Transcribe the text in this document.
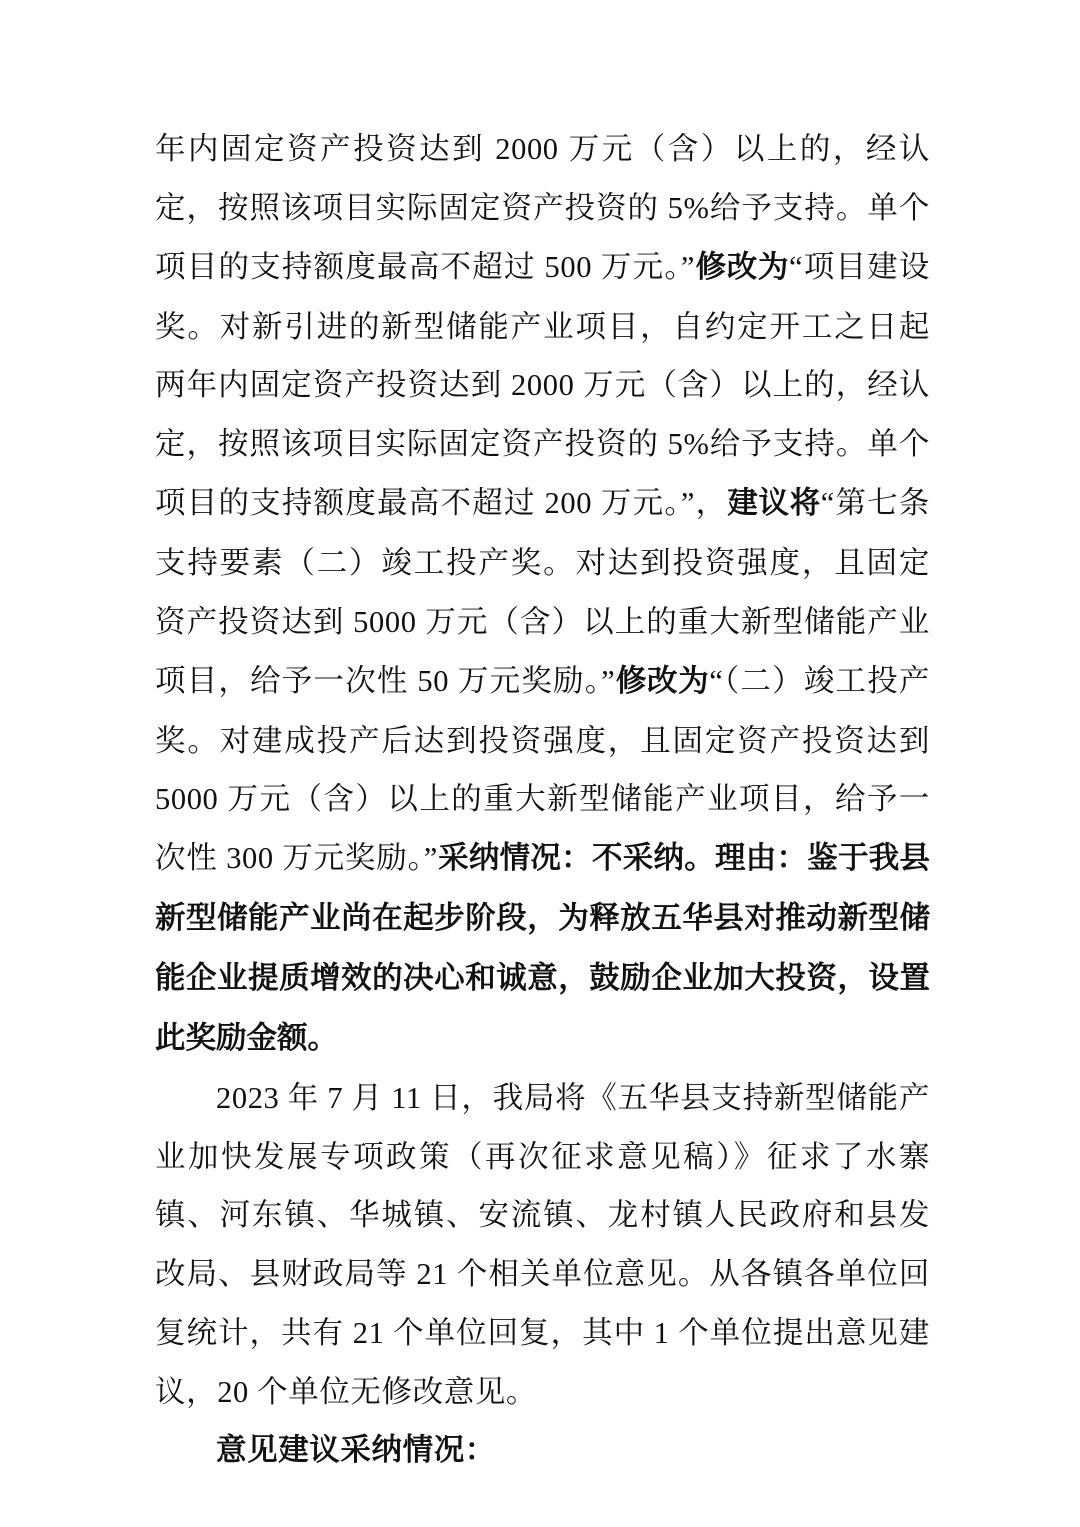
年内固定资产投资达到 2000 万元（含）以上的，经认定，按照该项目实际固定资产投资的 5%给予支持。单个项目的支持额度最高不超过 500 万元。”修改为“项目建设奖。对新引进的新型储能产业项目，自约定开工之日起两年内固定资产投资达到 2000 万元（含）以上的，经认定，按照该项目实际固定资产投资的 5%给予支持。单个项目的支持额度最高不超过 200 万元。”，建议将“第七条 支持要素（二）竣工投产奖。对达到投资强度，且固定资产投资达到 5000 万元（含）以上的重大新型储能产业项目，给予一次性 50 万元奖励。”修改为“（二）竣工投产奖。对建成投产后达到投资强度，且固定资产投资达到 5000 万元（含）以上的重大新型储能产业项目，给予一次性 300 万元奖励。”采纳情况：不采纳。理由：鉴于我县新型储能产业尚在起步阶段，为释放五华县对推动新型储能企业提质增效的决心和诚意，鼓励企业加大投资，设置此奖励金额。

2023 年 7 月 11 日，我局将《五华县支持新型储能产业加快发展专项政策（再次征求意见稿）》征求了水寨镇、河东镇、华城镇、安流镇、龙村镇人民政府和县发改局、县财政局等 21 个相关单位意见。从各镇各单位回复统计，共有 21 个单位回复，其中 1 个单位提出意见建议，20 个单位无修改意见。

意见建议采纳情况：
